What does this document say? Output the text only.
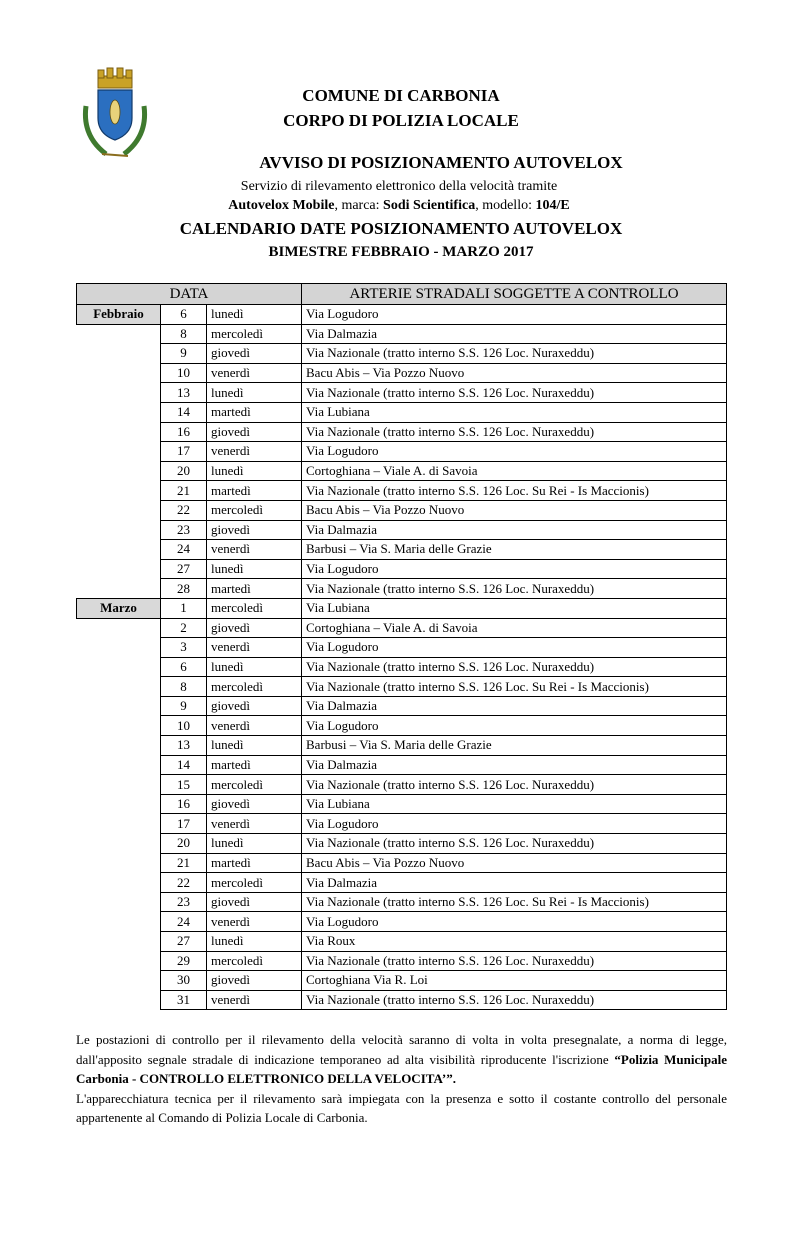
COMUNE DI CARBONIA
CORPO DI POLIZIA LOCALE
AVVISO DI POSIZIONAMENTO AUTOVELOX
Servizio di rilevamento elettronico della velocità tramite
Autovelox Mobile, marca: Sodi Scientifica, modello: 104/E
CALENDARIO DATE POSIZIONAMENTO AUTOVELOX
BIMESTRE FEBBRAIO - MARZO 2017
DATA			ARTERIE STRADALI SOGGETTE A CONTROLLO
Febbraio	6	lunedì	Via Logudoro
	8	mercoledì	Via Dalmazia
	9	giovedì	Via Nazionale (tratto interno S.S. 126 Loc. Nuraxeddu)
	10	venerdì	Bacu Abis – Via Pozzo Nuovo
	13	lunedì	Via Nazionale (tratto interno S.S. 126 Loc. Nuraxeddu)
	14	martedì	Via Lubiana
	16	giovedì	Via Nazionale (tratto interno S.S. 126 Loc. Nuraxeddu)
	17	venerdì	Via Logudoro
	20	lunedì	Cortoghiana – Viale A. di Savoia
	21	martedì	Via Nazionale (tratto interno S.S. 126 Loc. Su Rei - Is Maccionis)
	22	mercoledì	Bacu Abis – Via Pozzo Nuovo
	23	giovedì	Via Dalmazia
	24	venerdì	Barbusi – Via S. Maria delle Grazie
	27	lunedì	Via Logudoro
	28	martedì	Via Nazionale (tratto interno S.S. 126 Loc. Nuraxeddu)
Marzo	1	mercoledì	Via Lubiana
	2	giovedì	Cortoghiana – Viale A. di Savoia
	3	venerdì	Via Logudoro
	6	lunedì	Via Nazionale (tratto interno S.S. 126 Loc. Nuraxeddu)
	8	mercoledì	Via Nazionale (tratto interno S.S. 126 Loc. Su Rei - Is Maccionis)
	9	giovedì	Via Dalmazia
	10	venerdì	Via Logudoro
	13	lunedì	Barbusi – Via S. Maria delle Grazie
	14	martedì	Via Dalmazia
	15	mercoledì	Via Nazionale (tratto interno S.S. 126 Loc. Nuraxeddu)
	16	giovedì	Via Lubiana
	17	venerdì	Via Logudoro
	20	lunedì	Via Nazionale (tratto interno S.S. 126 Loc. Nuraxeddu)
	21	martedì	Bacu Abis – Via Pozzo Nuovo
	22	mercoledì	Via Dalmazia
	23	giovedì	Via Nazionale (tratto interno S.S. 126 Loc. Su Rei - Is Maccionis)
	24	venerdì	Via Logudoro
	27	lunedì	Via Roux
	29	mercoledì	Via Nazionale (tratto interno S.S. 126 Loc. Nuraxeddu)
	30	giovedì	Cortoghiana Via R. Loi
	31	venerdì	Via Nazionale (tratto interno S.S. 126 Loc. Nuraxeddu)
Le postazioni di controllo per il rilevamento della velocità saranno di volta in volta presegnalate, a norma di legge, dall'apposito segnale stradale di indicazione temporaneo ad alta visibilità riproducente l'iscrizione “Polizia Municipale Carbonia - CONTROLLO ELETTRONICO DELLA VELOCITA’”.
L'apparecchiatura tecnica per il rilevamento sarà impiegata con la presenza e sotto il costante controllo del personale appartenente al Comando di Polizia Locale di Carbonia.
